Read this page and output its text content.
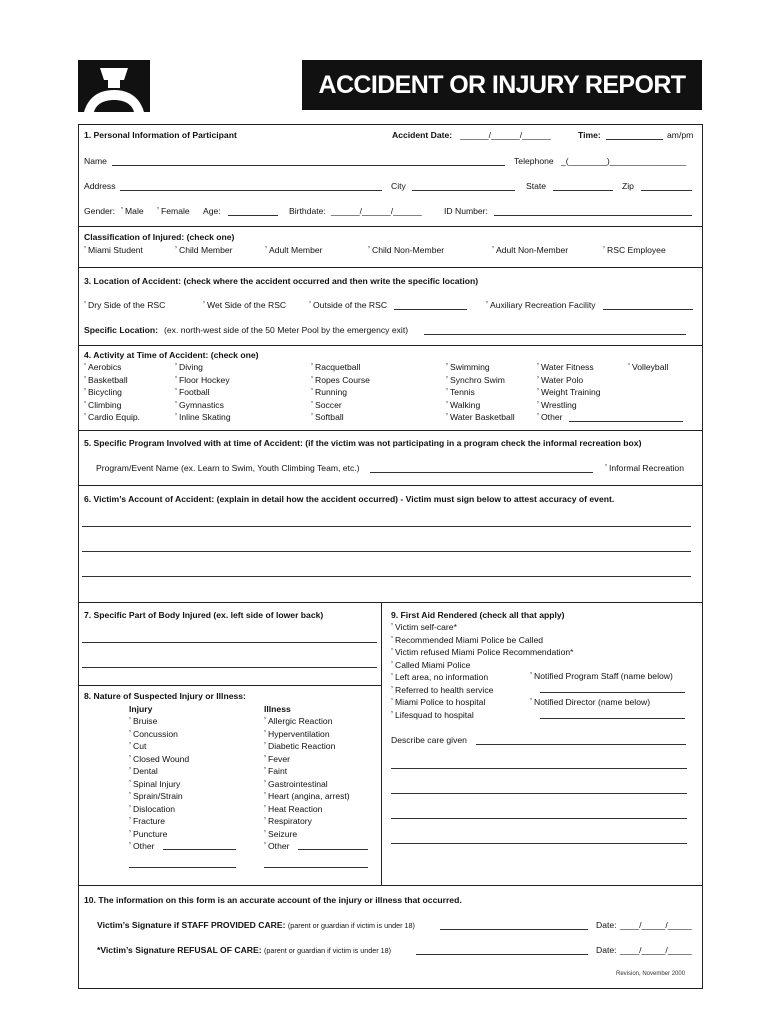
ACCIDENT OR INJURY REPORT
1. Personal Information of Participant	Accident Date: ______/______/______	Time:	am/pm
Name	Telephone _(________)________________
Address	City	State	Zip
Gender:	ʼ Male	ʼ Female Age:	Birthdate: ______/______/______	ID Number:
Classification of Injured: (check one)
ʼ Miami Student	ʼ Child Member	ʼ Adult Member	ʼ Child Non-Member	ʼ Adult Non-Member	ʼ RSC Employee
3. Location of Accident: (check where the accident occurred and then write the specific location)
ʼ Dry Side of the RSC	ʼ Wet Side of the RSC	ʼ Outside of the RSC	ʼ Auxiliary Recreation Facility
Specific Location: (ex. north-west side of the 50 Meter Pool by the emergency exit)
4. Activity at Time of Accident: (check one)
ʼ Aerobics
ʼ Basketball
ʼ Bicycling
ʼ Climbing
ʼ Cardio Equip.
ʼ Diving
ʼ Floor Hockey
ʼ Football
ʼ Gymnastics
ʼ Inline Skating
ʼ Racquetball
ʼ Ropes Course
ʼ Running
ʼ Soccer
ʼ Softball
ʼ Swimming
ʼ Synchro Swim
ʼ Tennis
ʼ Walking
ʼ Water Basketball
ʼ Water Fitness
ʼ Water Polo
ʼ Weight Training
ʼ Wrestling
ʼ Other
ʼ Volleyball
5. Specific Program Involved with at time of Accident: (if the victim was not participating in a program check the informal recreation box)
Program/Event Name (ex. Learn to Swim, Youth Climbing Team, etc.)	ʼ Informal Recreation
6. Victim’s Account of Accident: (explain in detail how the accident occurred) - Victim must sign below to attest accuracy of event.
7. Specific Part of Body Injured (ex. left side of lower back)
8. Nature of Suspected Injury or Illness:
Injury	Illness
ʼ Bruise
ʼ Concussion
ʼ Cut
ʼ Closed Wound
ʼ Dental
ʼ Spinal Injury
ʼ Sprain/Strain
ʼ Dislocation
ʼ Fracture
ʼ Puncture
ʼ Other
ʼ Allergic Reaction
ʼ Hyperventilation
ʼ Diabetic Reaction
ʼ Fever
ʼ Faint
ʼ Gastrointestinal
ʼ Heart (angina, arrest)
ʼ Heat Reaction
ʼ Respiratory
ʼ Seizure
ʼ Other
9. First Aid Rendered (check all that apply)
ʼ Victim self-care*
ʼ Recommended Miami Police be Called
ʼ Victim refused Miami Police Recommendation*
ʼ Called Miami Police
ʼ Left area, no information
ʼ Referred to health service
ʼ Miami Police to hospital
ʼ Lifesquad to hospital
ʼ Notified Program Staff (name below)
ʼ Notified Director (name below)
Describe care given
10. The information on this form is an accurate account of the injury or illness that occurred.
Victim’s Signature if STAFF PROVIDED CARE: (parent or guardian if victim is under 18)	Date: ____/_____/_____
*Victim’s Signature REFUSAL OF CARE: (parent or guardian if victim is under 18)	Date: ____/_____/_____
Revision, November 2000
